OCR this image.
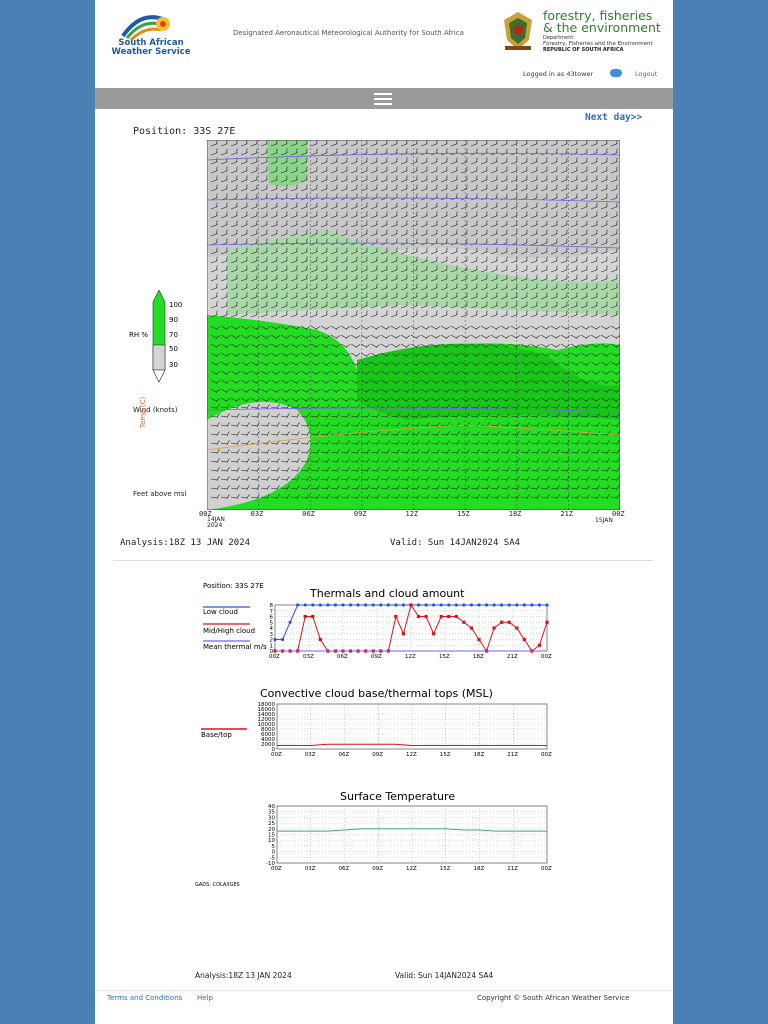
South African Weather Service
Designated Aeronautical Meteorological Authority for South Africa
forestry, fisheries
& the environment
Department:
Forestry, Fisheries and the Environment
REPUBLIC OF SOUTH AFRICA
Logged in as 43tower	Logout
Next day>>
Position: 33S 27E
RH %
100
90
70
50
30
Wind (knots)
Temp (C)
Feet above msl
Analysis:18Z 13 JAN 2024	Valid: Sun 14JAN2024 SA4
Position: 33S 27E
Thermals and cloud amount
Low cloud
Mid/High cloud
Mean thermal m/s
0
1
2
3
4
5
6
7
8
00Z	03Z	06Z	09Z	12Z	15Z	18Z	21Z	00Z
Convective cloud base/thermal tops (MSL)
Base/top
18000
16000
14000
12000
10000
8000
6000
4000
2000
0
00Z	03Z	06Z	09Z	12Z	15Z	18Z	21Z	00Z
Surface Temperature
40
35
30
25
20
15
10
5
0
-5
-10
00Z	03Z	06Z	09Z	12Z	15Z	18Z	21Z	00Z
GADS: COLA/IGES
Analysis:18Z 13 JAN 2024	Valid: Sun 14JAN2024 SA4
Terms and Conditions Help	Copyright © South African Weather Service
00Z	03Z	06Z	09Z	12Z	15Z	18Z	21Z	00Z
14JAN
2024
15JAN
